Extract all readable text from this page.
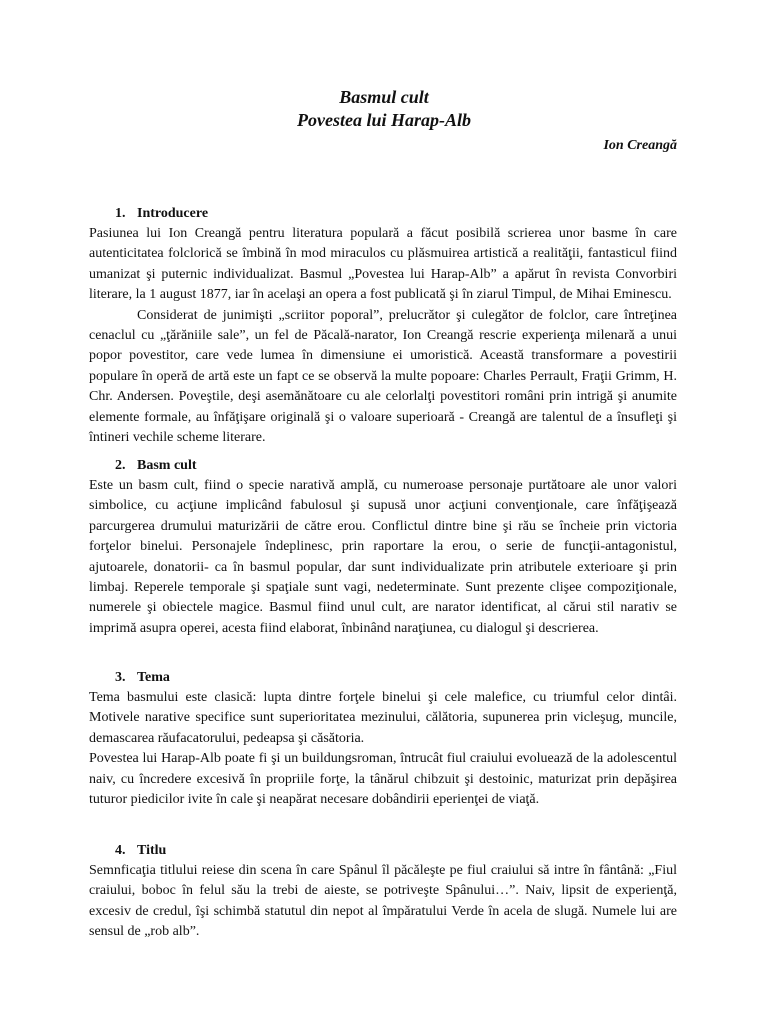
Basmul cult

Povestea lui Harap-Alb

Ion Creangă

1. Introducere

Pasiunea lui Ion Creangă pentru literatura populară a făcut posibilă scrierea unor basme în care autenticitatea folclorică se îmbină în mod miraculos cu plăsmuirea artistică a realităţii, fantasticul fiind umanizat şi puternic individualizat. Basmul „Povestea lui Harap-Alb” a apărut în revista Convorbiri literare, la 1 august 1877, iar în acelaşi an opera a fost publicată şi în ziarul Timpul, de Mihai Eminescu.

Considerat de junimişti „scriitor poporal”, prelucrător şi culegător de folclor, care întreţinea cenaclul cu „ţărăniile sale”, un fel de Păcală-narator, Ion Creangă rescrie experienţa milenară a unui popor povestitor, care vede lumea în dimensiune ei umoristică. Această transformare a povestirii populare în operă de artă este un fapt ce se observă la multe popoare: Charles Perrault, Fraţii Grimm, H. Chr. Andersen. Poveştile, deşi asemănătoare cu ale celorlalţi povestitori români prin intrigă şi anumite elemente formale, au înfăţişare originală şi o valoare superioară - Creangă are talentul de a însufleţi şi întineri vechile scheme literare.

2. Basm cult

Este un basm cult, fiind o specie narativă amplă, cu numeroase personaje purtătoare ale unor valori simbolice, cu acţiune implicând fabulosul şi supusă unor acţiuni convenţionale, care înfăţişează parcurgerea drumului maturizării de către erou. Conflictul dintre bine şi rău se încheie prin victoria forţelor binelui. Personajele îndeplinesc, prin raportare la erou, o serie de funcţii-antagonistul, ajutoarele, donatorii- ca în basmul popular, dar sunt individualizate prin atributele exterioare şi prin limbaj. Reperele temporale şi spaţiale sunt vagi, nedeterminate. Sunt prezente clişee compoziţionale, numerele şi obiectele magice. Basmul fiind unul cult, are narator identificat, al cărui stil narativ se imprimă asupra operei, acesta fiind elaborat, înbinând naraţiunea, cu dialogul şi descrierea.

3. Tema

Tema basmului este clasică: lupta dintre forţele binelui şi cele malefice, cu triumful celor dintâi. Motivele narative specifice sunt superioritatea mezinului, călătoria, supunerea prin vicleşug, muncile, demascarea răufacatorului, pedeapsa şi căsătoria.

Povestea lui Harap-Alb poate fi şi un buildungsroman, întrucât fiul craiului evoluează de la adolescentul naiv, cu încredere excesivă în propriile forţe, la tânărul chibzuit şi destoinic, maturizat prin depăşirea tuturor piedicilor ivite în cale şi neapărat necesare dobândirii eperienţei de viaţă.

4. Titlu

Semnficaţia titlului reiese din scena în care Spânul îl păcăleşte pe fiul craiului să intre în fântână: „Fiul craiului, boboc în felul său la trebi de aieste, se potriveşte Spânului…”. Naiv, lipsit de experienţă, excesiv de credul, îşi schimbă statutul din nepot al împăratului Verde în acela de slugă. Numele lui are sensul de „rob alb”.
